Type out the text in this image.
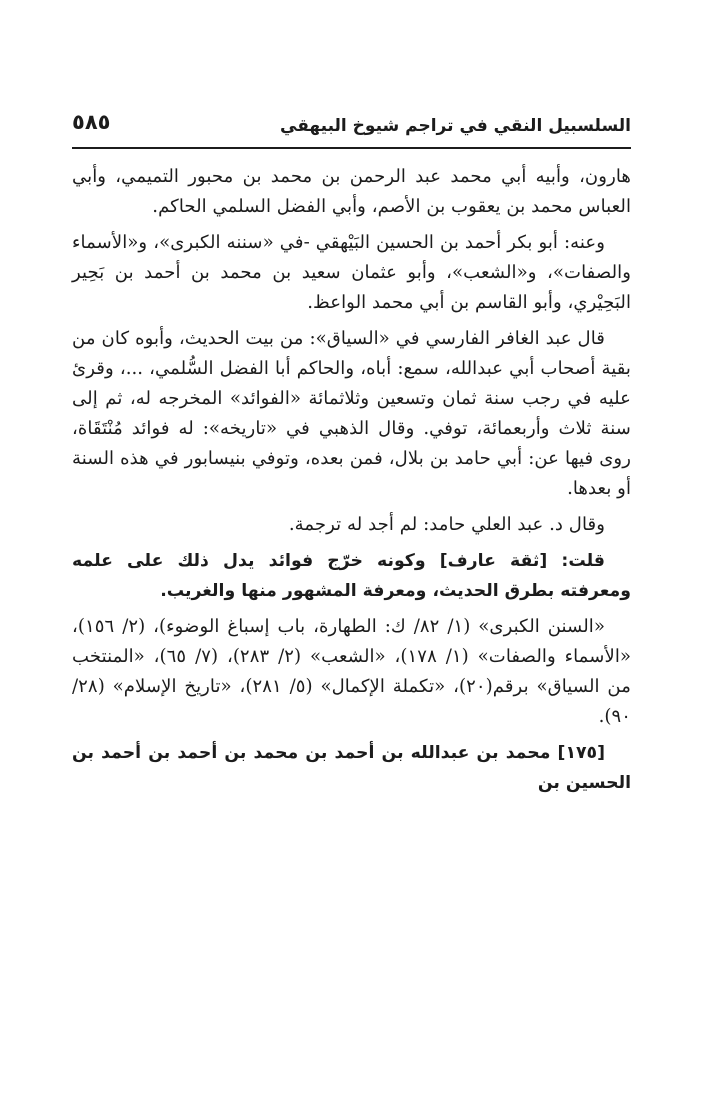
السلسبيل النقي في تراجم شيوخ البيهقي
٥٨٥

هارون، وأبيه أبي محمد عبد الرحمن بن محمد بن محبور التميمي، وأبي العباس محمد بن يعقوب بن الأصم، وأبي الفضل السلمي الحاكم.

وعنه: أبو بكر أحمد بن الحسين البَيْهقي -في «سننه الكبرى»، و«الأسماء والصفات»، و«الشعب»، وأبو عثمان سعيد بن محمد بن أحمد بن بَحِير البَحِيْري، وأبو القاسم بن أبي محمد الواعظ.

قال عبد الغافر الفارسي في «السياق»: من بيت الحديث، وأبوه كان من بقية أصحاب أبي عبدالله، سمع: أباه، والحاكم أبا الفضل السُّلمي، ...، وقرئ عليه في رجب سنة ثمان وتسعين وثلاثمائة «الفوائد» المخرجه له، ثم إلى سنة ثلاث وأربعمائة، توفي. وقال الذهبي في «تاريخه»: له فوائد مُنْتَقَاة، روى فيها عن: أبي حامد بن بلال، فمن بعده، وتوفي بنيسابور في هذه السنة أو بعدها.

وقال د. عبد العلي حامد: لم أجد له ترجمة.

قلت: [ثقة عارف] وكونه خرّج فوائد يدل ذلك على علمه ومعرفته بطرق الحديث، ومعرفة المشهور منها والغريب.

«السنن الكبرى» (١/ ٨٢/ ك: الطهارة، باب إسباغ الوضوء)، (٢/ ١٥٦)، «الأسماء والصفات» (١/ ١٧٨)، «الشعب» (٢/ ٢٨٣)، (٧/ ٦٥)، «المنتخب من السياق» برقم(٢٠)، «تكملة الإكمال» (٥/ ٢٨١)، «تاريخ الإسلام» (٢٨/ ٩٠).

[١٧٥] محمد بن عبدالله بن أحمد بن محمد بن أحمد بن أحمد بن الحسين بن
